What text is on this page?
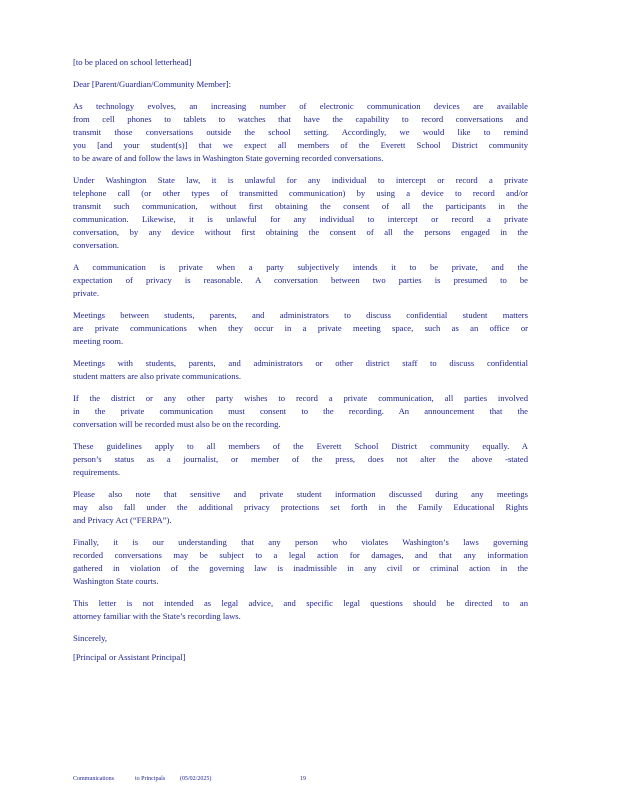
[to be placed on school letterhead]
Dear [Parent/Guardian/Community Member]:
As technology evolves, an increasing number of electronic communication devices are available
from cell phones to tablets to watches that have the capability to record conversations and
transmit those conversations outside the school setting. Accordingly, we would like to remind
you [and your student(s)] that we expect all members of the Everett School District community
to be aware of and follow the laws in Washington State governing recorded conversations.
Under Washington State law, it is unlawful for any individual to intercept or record a private
telephone call (or other types of transmitted communication) by using a device to record and/or
transmit such communication, without first obtaining the consent of all the participants in the
communication. Likewise, it is unlawful for any individual to intercept or record a private
conversation, by any device without first obtaining the consent of all the persons engaged in the
conversation.
A communication is private when a party subjectively intends it to be private, and the
expectation of privacy is reasonable. A conversation between two parties is presumed to be
private.
Meetings between students, parents, and administrators to discuss confidential student matters
are private communications when they occur in a private meeting space, such as an office or
meeting room.
Meetings with students, parents, and administrators or other district staff to discuss confidential
student matters are also private communications.
If the district or any other party wishes to record a private communication, all parties involved
in the private communication must consent to the recording. An announcement that the
conversation will be recorded must also be on the recording.
These guidelines apply to all members of the Everett School District community equally. A
person’s status as a journalist, or member of the press, does not alter the above -stated
requirements.
Please also note that sensitive and private student information discussed during any meetings
may also fall under the additional privacy protections set forth in the Family Educational Rights
and Privacy Act (“FERPA”).
Finally, it is our understanding that any person who violates Washington’s laws governing
recorded conversations may be subject to a legal action for damages, and that any information
gathered in violation of the governing law is inadmissible in any civil or criminal action in the
Washington State courts.
This letter is not intended as legal advice, and specific legal questions should be directed to an
attorney familiar with the State’s recording laws.
Sincerely,
[Principal or Assistant Principal]
Communications	to Principals (05/02/2025)	19
